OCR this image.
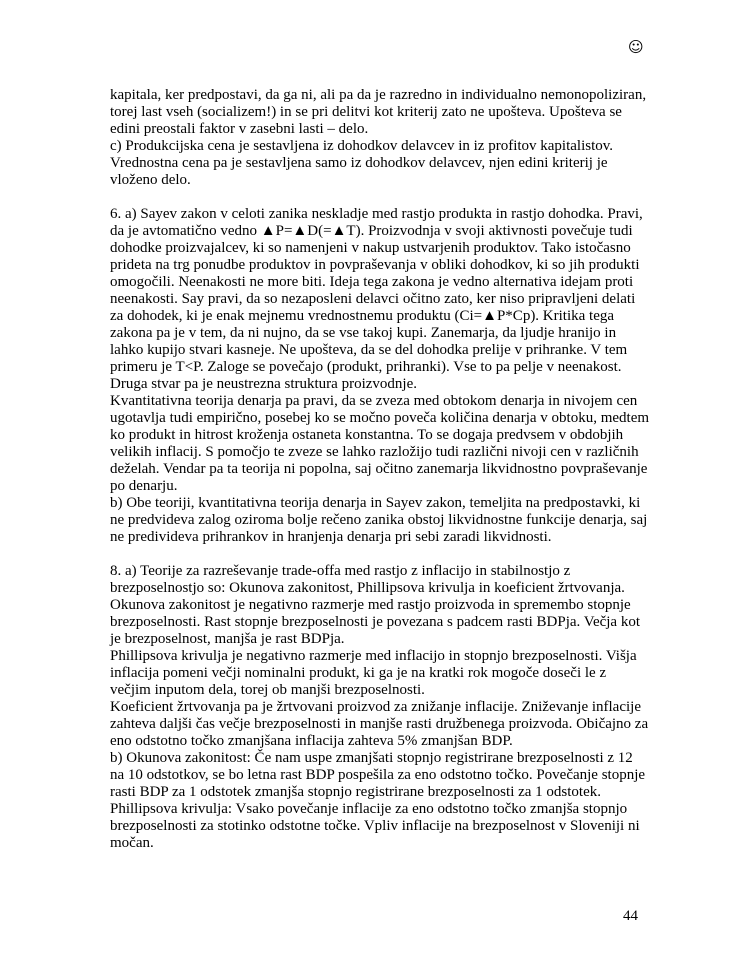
☺
kapitala, ker predpostavi, da ga ni, ali pa da je razredno in individualno nemonopoliziran,
torej last vseh (socializem!) in se pri delitvi kot kriterij zato ne upošteva. Upošteva se
edini preostali faktor v zasebni lasti – delo.
c) Produkcijska cena je sestavljena iz dohodkov delavcev in iz profitov kapitalistov.
Vrednostna cena pa je sestavljena samo iz dohodkov delavcev, njen edini kriterij je
vloženo delo.
6. a) Sayev zakon v celoti zanika neskladje med rastjo produkta in rastjo dohodka. Pravi,
da je avtomatično vedno ▲P=▲D(=▲T). Proizvodnja v svoji aktivnosti povečuje tudi
dohodke proizvajalcev, ki so namenjeni v nakup ustvarjenih produktov. Tako istočasno
prideta na trg ponudbe produktov in povpraševanja v obliki dohodkov, ki so jih produkti
omogočili. Neenakosti ne more biti. Ideja tega zakona je vedno alternativa idejam proti
neenakosti. Say pravi, da so nezaposleni delavci očitno zato, ker niso pripravljeni delati
za dohodek, ki je enak mejnemu vrednostnemu produktu (Ci=▲P*Cp). Kritika tega
zakona pa je v tem, da ni nujno, da se vse takoj kupi. Zanemarja, da ljudje hranijo in
lahko kupijo stvari kasneje. Ne upošteva, da se del dohodka prelije v prihranke. V tem
primeru je T<P. Zaloge se povečajo (produkt, prihranki). Vse to pa pelje v neenakost.
Druga stvar pa je neustrezna struktura proizvodnje.
Kvantitativna teorija denarja pa pravi, da se zveza med obtokom denarja in nivojem cen
ugotavlja tudi empirično, posebej ko se močno poveča količina denarja v obtoku, medtem
ko produkt in hitrost kroženja ostaneta konstantna. To se dogaja predvsem v obdobjih
velikih inflacij. S pomočjo te zveze se lahko razložijo tudi različni nivoji cen v različnih
deželah. Vendar pa ta teorija ni popolna, saj očitno zanemarja likvidnostno povpraševanje
po denarju.
b) Obe teoriji, kvantitativna teorija denarja in Sayev zakon, temeljita na predpostavki, ki
ne predvideva zalog oziroma bolje rečeno zanika obstoj likvidnostne funkcije denarja, saj
ne predivideva prihrankov in hranjenja denarja pri sebi zaradi likvidnosti.
8. a) Teorije za razreševanje trade-offa med rastjo z inflacijo in stabilnostjo z
brezposelnostjo so: Okunova zakonitost, Phillipsova krivulja in koeficient žrtvovanja.
Okunova zakonitost je negativno razmerje med rastjo proizvoda in spremembo stopnje
brezposelnosti. Rast stopnje brezposelnosti je povezana s padcem rasti BDPja. Večja kot
je brezposelnost, manjša je rast BDPja.
Phillipsova krivulja je negativno razmerje med inflacijo in stopnjo brezposelnosti. Višja
inflacija pomeni večji nominalni produkt, ki ga je na kratki rok mogoče doseči le z
večjim inputom dela, torej ob manjši brezposelnosti.
Koeficient žrtvovanja pa je žrtvovani proizvod za znižanje inflacije. Zniževanje inflacije
zahteva daljši čas večje brezposelnosti in manjše rasti družbenega proizvoda. Običajno za
eno odstotno točko zmanjšana inflacija zahteva 5% zmanjšan BDP.
b) Okunova zakonitost: Če nam uspe zmanjšati stopnjo registrirane brezposelnosti z 12
na 10 odstotkov, se bo letna rast BDP pospešila za eno odstotno točko. Povečanje stopnje
rasti BDP za 1 odstotek zmanjša stopnjo registrirane brezposelnosti za 1 odstotek.
Phillipsova krivulja: Vsako povečanje inflacije za eno odstotno točko zmanjša stopnjo
brezposelnosti za stotinko odstotne točke. Vpliv inflacije na brezposelnost v Sloveniji ni
močan.
44
